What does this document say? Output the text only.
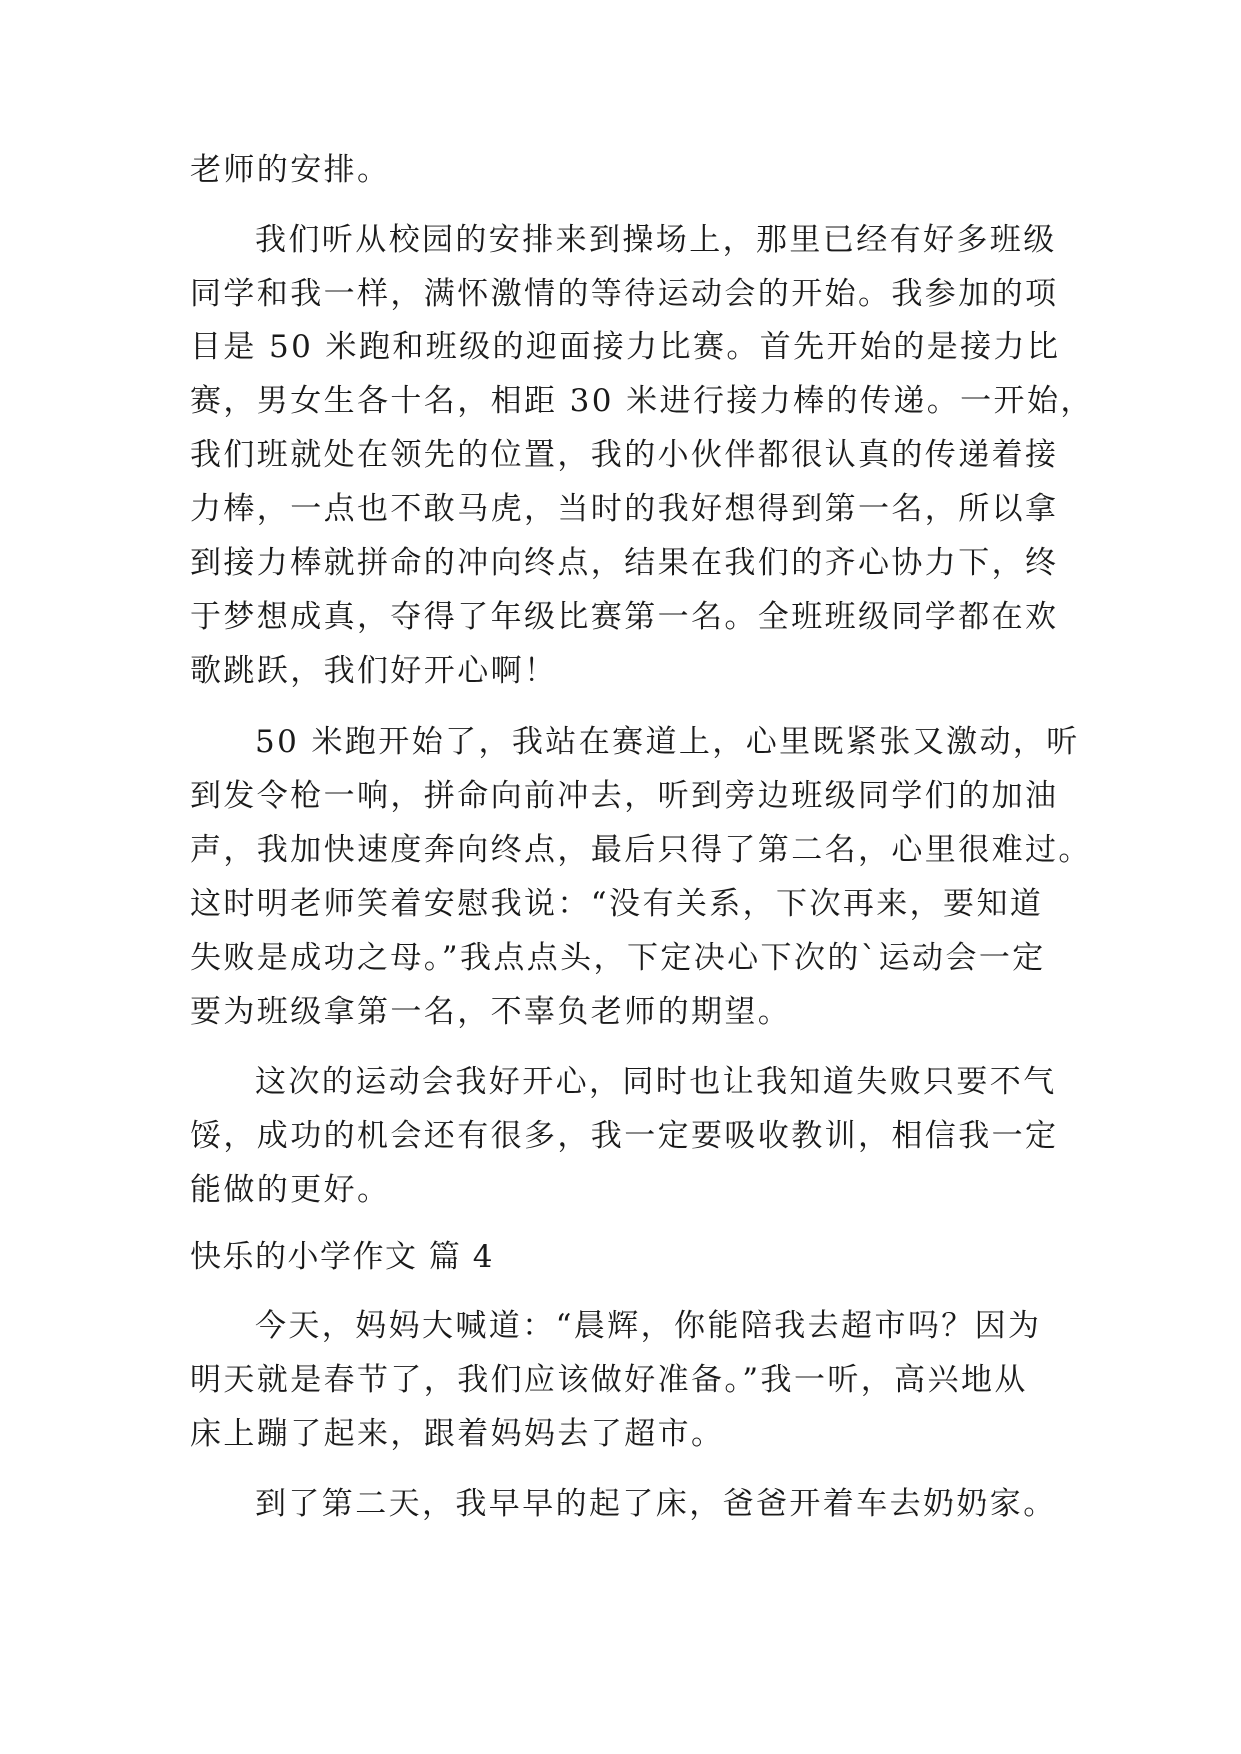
老师的安排。
我们听从校园的安排来到操场上，那里已经有好多班级
同学和我一样，满怀激情的等待运动会的开始。我参加的项
目是 50 米跑和班级的迎面接力比赛。首先开始的是接力比
赛，男女生各十名，相距 30 米进行接力棒的传递。一开始，
我们班就处在领先的位置，我的小伙伴都很认真的传递着接
力棒，一点也不敢马虎，当时的我好想得到第一名，所以拿
到接力棒就拼命的冲向终点，结果在我们的齐心协力下，终
于梦想成真，夺得了年级比赛第一名。全班班级同学都在欢
歌跳跃，我们好开心啊！
50 米跑开始了，我站在赛道上，心里既紧张又激动，听
到发令枪一响，拼命向前冲去，听到旁边班级同学们的加油
声，我加快速度奔向终点，最后只得了第二名，心里很难过。
这时明老师笑着安慰我说：“没有关系，下次再来，要知道
失败是成功之母。”我点点头，下定决心下次的`运动会一定
要为班级拿第一名，不辜负老师的期望。
这次的运动会我好开心，同时也让我知道失败只要不气
馁，成功的机会还有很多，我一定要吸收教训，相信我一定
能做的更好。
快乐的小学作文 篇 4
今天，妈妈大喊道：“晨辉，你能陪我去超市吗？因为
明天就是春节了，我们应该做好准备。”我一听，高兴地从
床上蹦了起来，跟着妈妈去了超市。
到了第二天，我早早的起了床，爸爸开着车去奶奶家。
